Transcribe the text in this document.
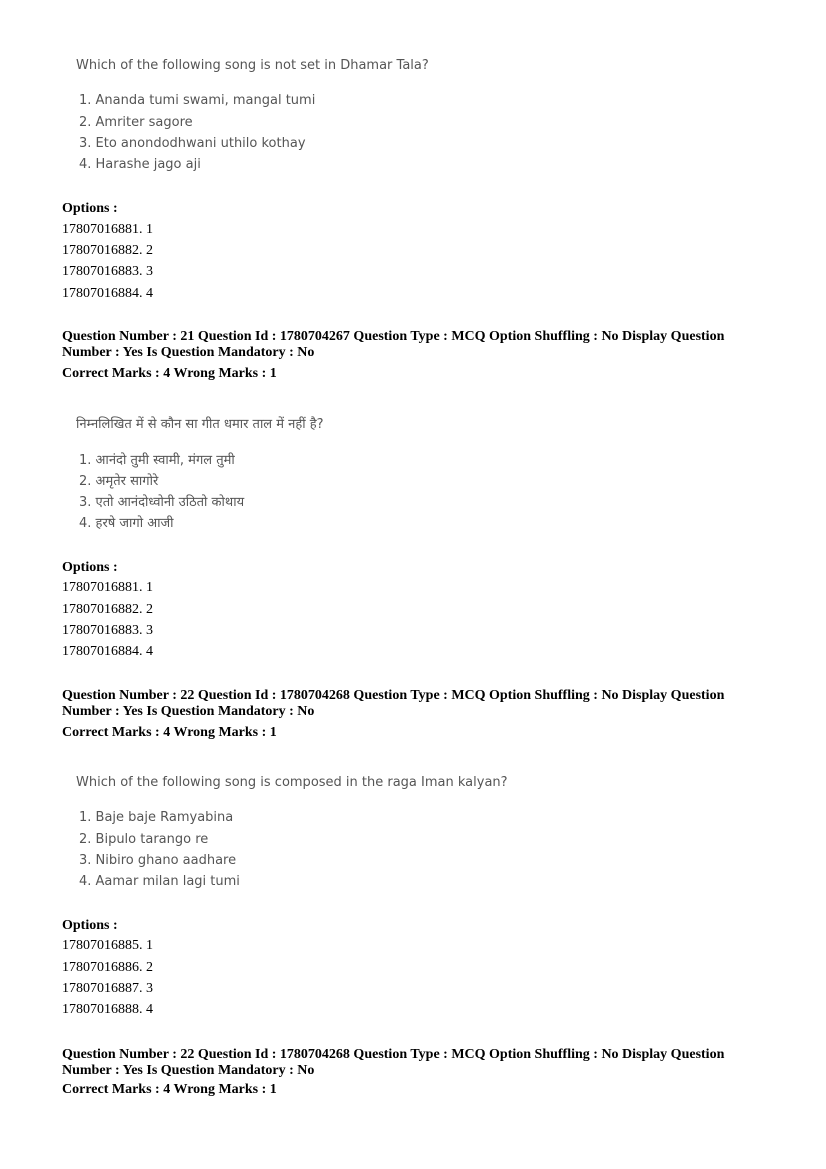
Which of the following song is not set in Dhamar Tala?
1. Ananda tumi swami, mangal tumi
2. Amriter sagore
3. Eto anondodhwani uthilo kothay
4. Harashe jago aji
Options :
17807016881. 1
17807016882. 2
17807016883. 3
17807016884. 4
Question Number : 21 Question Id : 1780704267 Question Type : MCQ Option Shuffling : No Display Question
Number : Yes Is Question Mandatory : No
Correct Marks : 4 Wrong Marks : 1
निम्नलिखित में से कौन सा गीत धमार ताल में नहीं है?
1. आनंदो तुमी स्वामी, मंगल तुमी
2. अमृतेर सागोरे
3. एतो आनंदोध्वोनी उठितो कोथाय
4. हरषे जागो आजी
Options :
17807016881. 1
17807016882. 2
17807016883. 3
17807016884. 4
Question Number : 22 Question Id : 1780704268 Question Type : MCQ Option Shuffling : No Display Question
Number : Yes Is Question Mandatory : No
Correct Marks : 4 Wrong Marks : 1
Which of the following song is composed in the raga Iman kalyan?
1. Baje baje Ramyabina
2. Bipulo tarango re
3. Nibiro ghano aadhare
4. Aamar milan lagi tumi
Options :
17807016885. 1
17807016886. 2
17807016887. 3
17807016888. 4
Question Number : 22 Question Id : 1780704268 Question Type : MCQ Option Shuffling : No Display Question
Number : Yes Is Question Mandatory : No
Correct Marks : 4 Wrong Marks : 1
